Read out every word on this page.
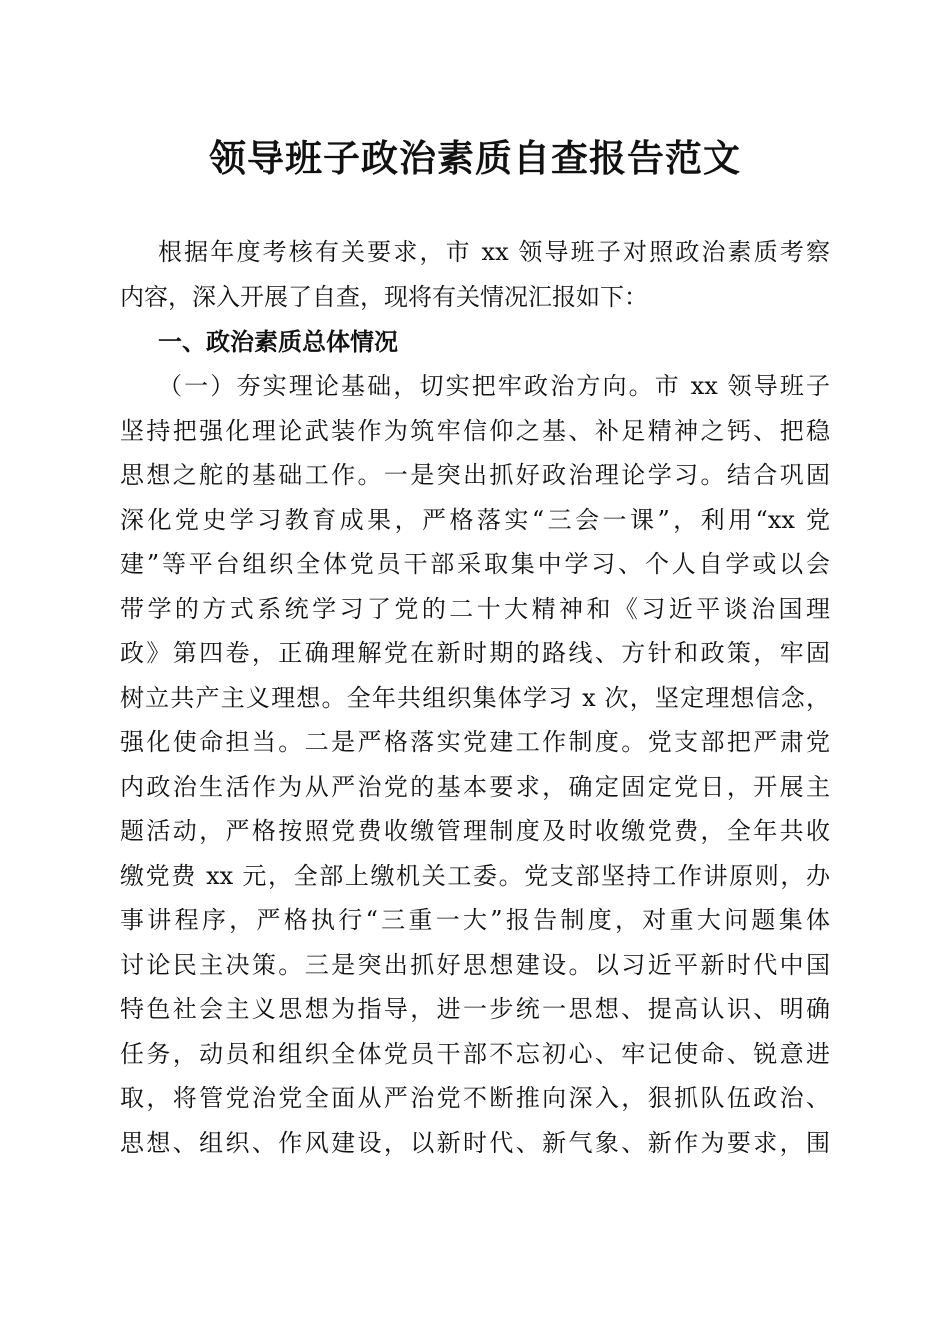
领导班子政治素质自查报告范文
根据年度考核有关要求，市 xx 领导班子对照政治素质考察
内容，深入开展了自查，现将有关情况汇报如下：
一、政治素质总体情况
（一）夯实理论基础，切实把牢政治方向。市 xx 领导班子
坚持把强化理论武装作为筑牢信仰之基、补足精神之钙、把稳
思想之舵的基础工作。一是突出抓好政治理论学习。结合巩固
深化党史学习教育成果，严格落实“三会一课”，利用“xx 党
建”等平台组织全体党员干部采取集中学习、个人自学或以会
带学的方式系统学习了党的二十大精神和《习近平谈治国理
政》第四卷，正确理解党在新时期的路线、方针和政策，牢固
树立共产主义理想。全年共组织集体学习 x 次，坚定理想信念，
强化使命担当。二是严格落实党建工作制度。党支部把严肃党
内政治生活作为从严治党的基本要求，确定固定党日，开展主
题活动，严格按照党费收缴管理制度及时收缴党费，全年共收
缴党费 xx 元，全部上缴机关工委。党支部坚持工作讲原则，办
事讲程序，严格执行“三重一大”报告制度，对重大问题集体
讨论民主决策。三是突出抓好思想建设。以习近平新时代中国
特色社会主义思想为指导，进一步统一思想、提高认识、明确
任务，动员和组织全体党员干部不忘初心、牢记使命、锐意进
取，将管党治党全面从严治党不断推向深入，狠抓队伍政治、
思想、组织、作风建设，以新时代、新气象、新作为要求，围
